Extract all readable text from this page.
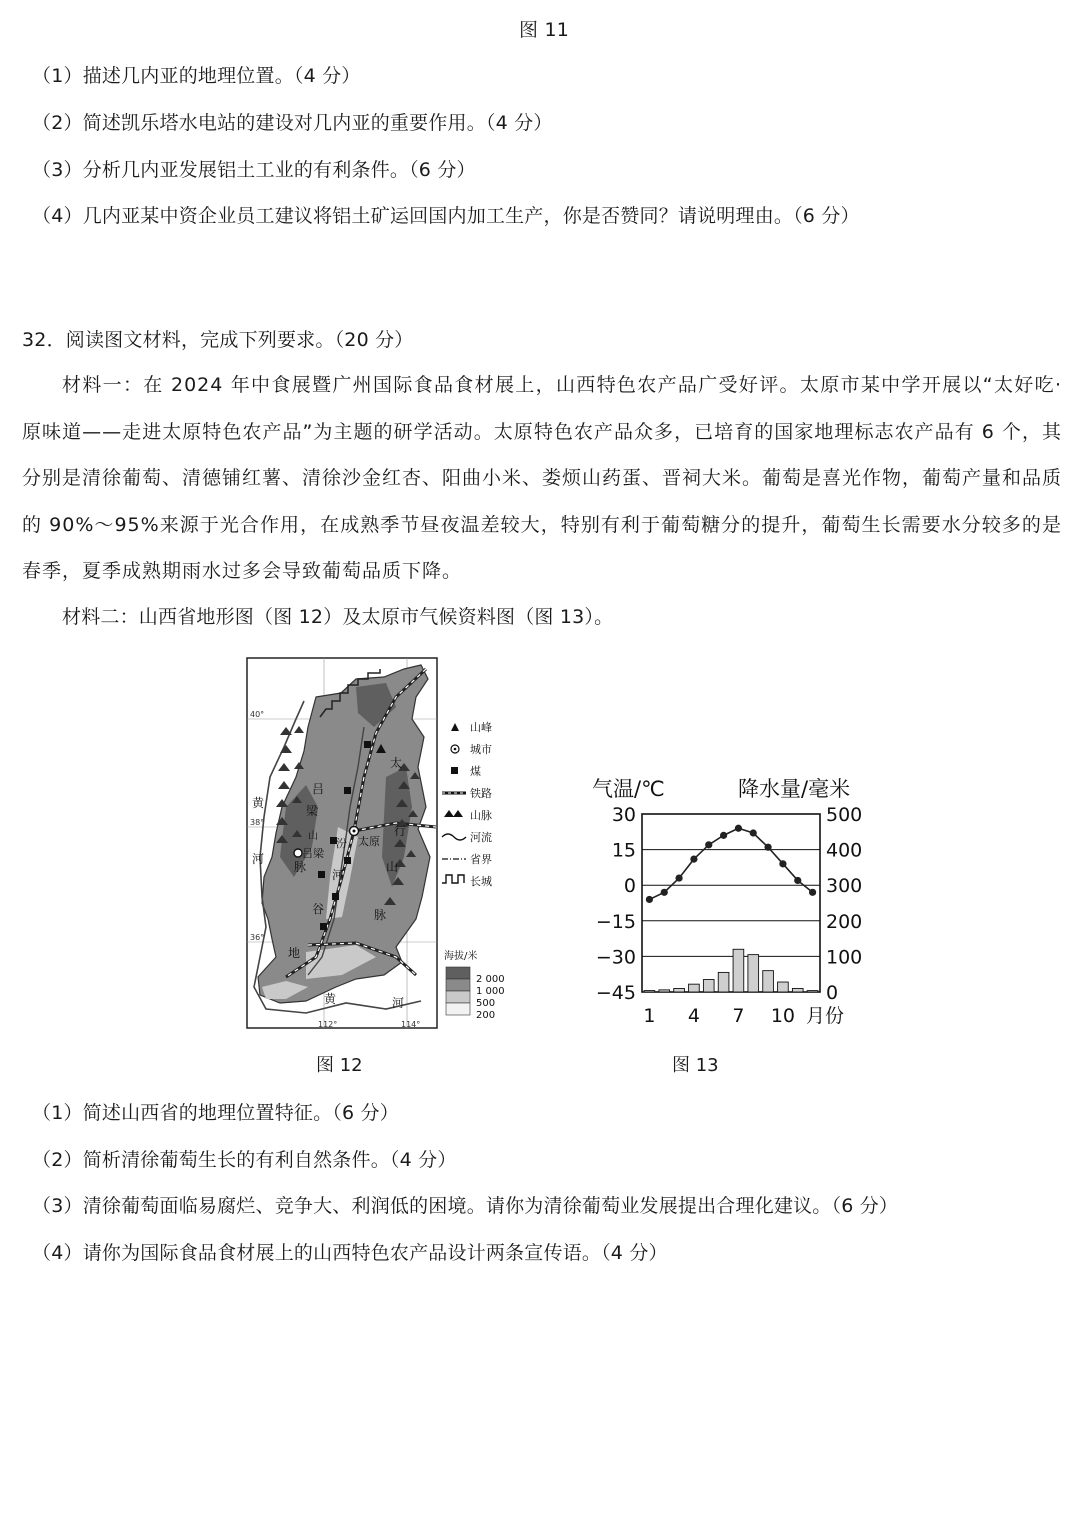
图 11
（1）描述几内亚的地理位置。（4 分）
（2）简述凯乐塔水电站的建设对几内亚的重要作用。（4 分）
（3）分析几内亚发展铝土工业的有利条件。（6 分）
（4）几内亚某中资企业员工建议将铝土矿运回国内加工生产，你是否赞同？请说明理由。（6 分）
32．阅读图文材料，完成下列要求。（20 分）
材料一：在 2024 年中食展暨广州国际食品食材展上，山西特色农产品广受好评。太原市某中学开展以“太好吃·原味道——走进太原特色农产品”为主题的研学活动。太原特色农产品众多，已培育的国家地理标志农产品有 6 个，其分别是清徐葡萄、清德铺红薯、清徐沙金红杏、阳曲小米、娄烦山药蛋、晋祠大米。葡萄是喜光作物，葡萄产量和品质的 90%～95%来源于光合作用，在成熟季节昼夜温差较大，特别有利于葡萄糖分的提升，葡萄生长需要水分较多的是春季，夏季成熟期雨水过多会导致葡萄品质下降。
材料二：山西省地形图（图 12）及太原市气候资料图（图 13）。
40°
38°
36°
112°	114°
黄
河
吕
梁
山
脉
吕梁
太原
汾
河
太
行
山
脉
谷
地
黄	河
山峰
城市
煤
铁路
山脉
河流
省界
长城
海拔/米
2 000
1 000
500
200
气温/℃	降水量/毫米
30	500
15	400
0	300
−15	200
−30	100
−45	0
1 4 7 10 月份
图 12	图 13
（1）简述山西省的地理位置特征。（6 分）
（2）简析清徐葡萄生长的有利自然条件。（4 分）
（3）清徐葡萄面临易腐烂、竞争大、利润低的困境。请你为清徐葡萄业发展提出合理化建议。（6 分）
（4）请你为国际食品食材展上的山西特色农产品设计两条宣传语。（4 分）
